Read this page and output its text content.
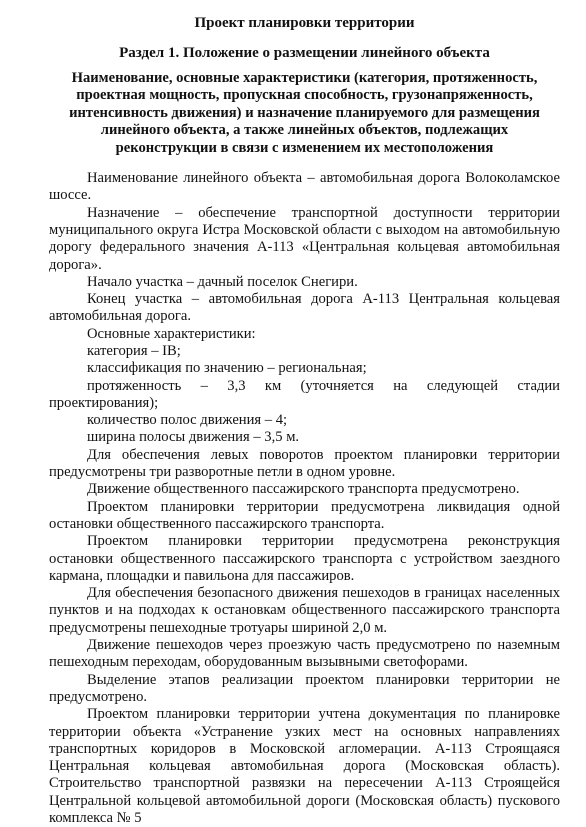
Проект планировки территории
Раздел 1. Положение о размещении линейного объекта
Наименование, основные характеристики (категория, протяженность, проектная мощность, пропускная способность, грузонапряженность, интенсивность движения) и назначение планируемого для размещения линейного объекта, а также линейных объектов, подлежащих реконструкции в связи с изменением их местоположения

Наименование линейного объекта – автомобильная дорога Волоколамское шоссе.

Назначение – обеспечение транспортной доступности территории муниципального округа Истра Московской области с выходом на автомобильную дорогу федерального значения А-113 «Центральная кольцевая автомобильная дорога».

Начало участка – дачный поселок Снегири.

Конец участка – автомобильная дорога А-113 Центральная кольцевая автомобильная дорога.

Основные характеристики:

категория – IB;

классификация по значению – региональная;

протяженность – 3,3 км (уточняется на следующей стадии проектирования);

количество полос движения – 4;

ширина полосы движения – 3,5 м.

Для обеспечения левых поворотов проектом планировки территории предусмотрены три разворотные петли в одном уровне.

Движение общественного пассажирского транспорта предусмотрено.

Проектом планировки территории предусмотрена ликвидация одной остановки общественного пассажирского транспорта.

Проектом планировки территории предусмотрена реконструкция остановки общественного пассажирского транспорта с устройством заездного кармана, площадки и павильона для пассажиров.

Для обеспечения безопасного движения пешеходов в границах населенных пунктов и на подходах к остановкам общественного пассажирского транспорта предусмотрены пешеходные тротуары шириной 2,0 м.

Движение пешеходов через проезжую часть предусмотрено по наземным пешеходным переходам, оборудованным вызывными светофорами.

Выделение этапов реализации проектом планировки территории не предусмотрено.

Проектом планировки территории учтена документация по планировке территории объекта «Устранение узких мест на основных направлениях транспортных коридоров в Московской агломерации. А-113 Строящаяся Центральная кольцевая автомобильная дорога (Московская область). Строительство транспортной развязки на пересечении А-113 Строящейся Центральной кольцевой автомобильной дороги (Московская область) пускового комплекса № 5
